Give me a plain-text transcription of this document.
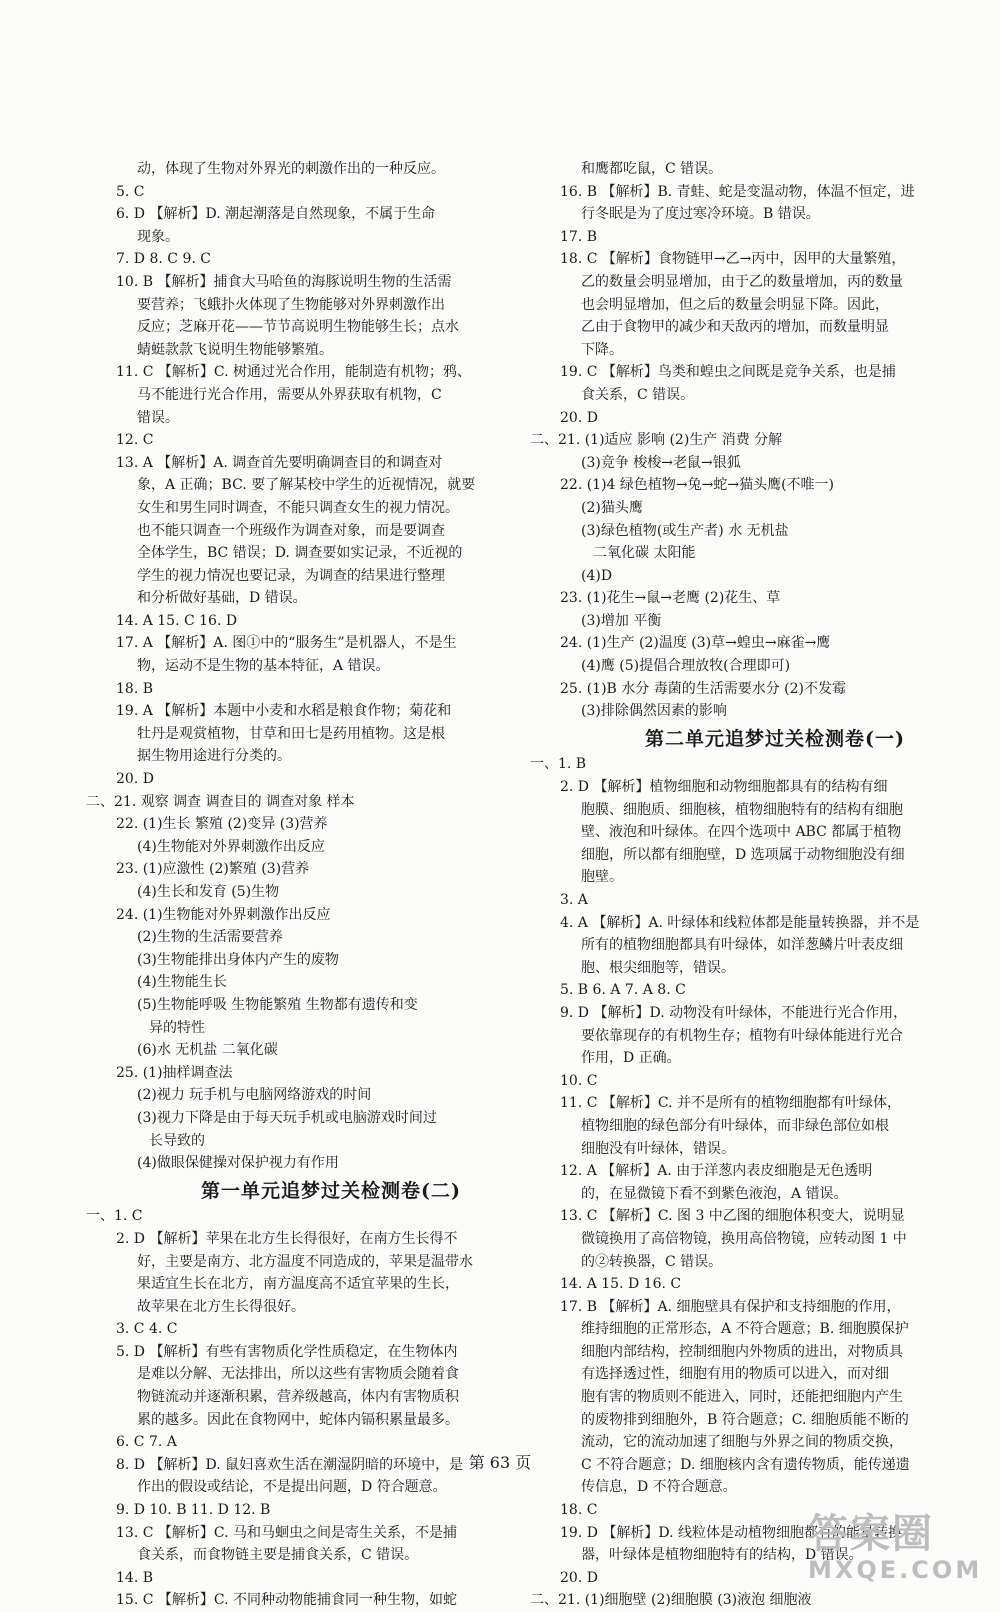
动，体现了生物对外界光的刺激作出的一种反应。
5. C
6. D 【解析】D. 潮起潮落是自然现象，不属于生命
现象。
7. D 8. C 9. C
10. B 【解析】捕食大马哈鱼的海豚说明生物的生活需
要营养；飞蛾扑火体现了生物能够对外界刺激作出
反应；芝麻开花——节节高说明生物能够生长；点水
蜻蜓款款飞说明生物能够繁殖。
11. C 【解析】C. 树通过光合作用，能制造有机物；鸦、
马不能进行光合作用，需要从外界获取有机物，C
错误。
12. C
13. A 【解析】A. 调查首先要明确调查目的和调查对
象，A 正确；BC. 要了解某校中学生的近视情况，就要
女生和男生同时调查，不能只调查女生的视力情况。
也不能只调查一个班级作为调查对象，而是要调查
全体学生，BC 错误；D. 调查要如实记录，不近视的
学生的视力情况也要记录，为调查的结果进行整理
和分析做好基础，D 错误。
14. A 15. C 16. D
17. A 【解析】A. 图①中的“服务生”是机器人，不是生
物，运动不是生物的基本特征，A 错误。
18. B
19. A 【解析】本题中小麦和水稻是粮食作物；菊花和
牡丹是观赏植物，甘草和田七是药用植物。这是根
据生物用途进行分类的。
20. D
二、21. 观察 调查 调查目的 调查对象 样本
22. (1)生长 繁殖 (2)变异 (3)营养
(4)生物能对外界刺激作出反应
23. (1)应激性 (2)繁殖 (3)营养
(4)生长和发育 (5)生物
24. (1)生物能对外界刺激作出反应
(2)生物的生活需要营养
(3)生物能排出身体内产生的废物
(4)生物能生长
(5)生物能呼吸 生物能繁殖 生物都有遗传和变
异的特性
(6)水 无机盐 二氧化碳
25. (1)抽样调查法
(2)视力 玩手机与电脑网络游戏的时间
(3)视力下降是由于每天玩手机或电脑游戏时间过
长导致的
(4)做眼保健操对保护视力有作用
第一单元追梦过关检测卷(二)
一、1. C
2. D 【解析】苹果在北方生长得很好，在南方生长得不
好，主要是南方、北方温度不同造成的，苹果是温带水
果适宜生长在北方，南方温度高不适宜苹果的生长，
故苹果在北方生长得很好。
3. C 4. C
5. D 【解析】有些有害物质化学性质稳定，在生物体内
是难以分解、无法排出，所以这些有害物质会随着食
物链流动并逐渐积累，营养级越高，体内有害物质积
累的越多。因此在食物网中，蛇体内镉积累量最多。
6. C 7. A
8. D 【解析】D. 鼠妇喜欢生活在潮湿阴暗的环境中，是
作出的假设或结论，不是提出问题，D 符合题意。
9. D 10. B 11. D 12. B
13. C 【解析】C. 马和马蛔虫之间是寄生关系，不是捕
食关系，而食物链主要是捕食关系，C 错误。
14. B
15. C 【解析】C. 不同种动物能捕食同一种生物，如蛇
和鹰都吃鼠，C 错误。
16. B 【解析】B. 青蛙、蛇是变温动物，体温不恒定，进
行冬眠是为了度过寒冷环境。B 错误。
17. B
18. C 【解析】食物链甲→乙→丙中，因甲的大量繁殖，
乙的数量会明显增加，由于乙的数量增加，丙的数量
也会明显增加，但之后的数量会明显下降。因此，
乙由于食物甲的减少和天敌丙的增加，而数量明显
下降。
19. C 【解析】鸟类和蝗虫之间既是竞争关系，也是捕
食关系，C 错误。
20. D
二、21. (1)适应 影响 (2)生产 消费 分解
(3)竞争 梭梭→老鼠→银狐
22. (1)4 绿色植物→兔→蛇→猫头鹰(不唯一)
(2)猫头鹰
(3)绿色植物(或生产者) 水 无机盐
二氧化碳 太阳能
(4)D
23. (1)花生→鼠→老鹰 (2)花生、草
(3)增加 平衡
24. (1)生产 (2)温度 (3)草→蝗虫→麻雀→鹰
(4)鹰 (5)提倡合理放牧(合理即可)
25. (1)B 水分 毒菌的生活需要水分 (2)不发霉
(3)排除偶然因素的影响
第二单元追梦过关检测卷(一)
一、1. B
2. D 【解析】植物细胞和动物细胞都具有的结构有细
胞膜、细胞质、细胞核，植物细胞特有的结构有细胞
壁、液泡和叶绿体。在四个选项中 ABC 都属于植物
细胞，所以都有细胞壁，D 选项属于动物细胞没有细
胞壁。
3. A
4. A 【解析】A. 叶绿体和线粒体都是能量转换器，并不是
所有的植物细胞都具有叶绿体，如洋葱鳞片叶表皮细
胞、根尖细胞等，错误。
5. B 6. A 7. A 8. C
9. D 【解析】D. 动物没有叶绿体，不能进行光合作用，
要依靠现存的有机物生存；植物有叶绿体能进行光合
作用，D 正确。
10. C
11. C 【解析】C. 并不是所有的植物细胞都有叶绿体，
植物细胞的绿色部分有叶绿体，而非绿色部位如根
细胞没有叶绿体，错误。
12. A 【解析】A. 由于洋葱内表皮细胞是无色透明
的，在显微镜下看不到紫色液泡，A 错误。
13. C 【解析】C. 图 3 中乙图的细胞体积变大，说明显
微镜换用了高倍物镜，换用高倍物镜，应转动图 1 中
的②转换器，C 错误。
14. A 15. D 16. C
17. B 【解析】A. 细胞壁具有保护和支持细胞的作用，
维持细胞的正常形态，A 不符合题意；B. 细胞膜保护
细胞内部结构，控制细胞内外物质的进出，对物质具
有选择透过性，细胞有用的物质可以进入，而对细
胞有害的物质则不能进入，同时，还能把细胞内产生
的废物排到细胞外，B 符合题意；C. 细胞质能不断的
流动，它的流动加速了细胞与外界之间的物质交换，
C 不符合题意；D. 细胞核内含有遗传物质，能传递遗
传信息，D 不符合题意。
18. C
19. D 【解析】D. 线粒体是动植物细胞都有的能量转换
器，叶绿体是植物细胞特有的结构，D 错误。
20. D
二、21. (1)细胞壁 (2)细胞膜 (3)液泡 细胞液
第 63 页
答案圈
MXQE.COM
